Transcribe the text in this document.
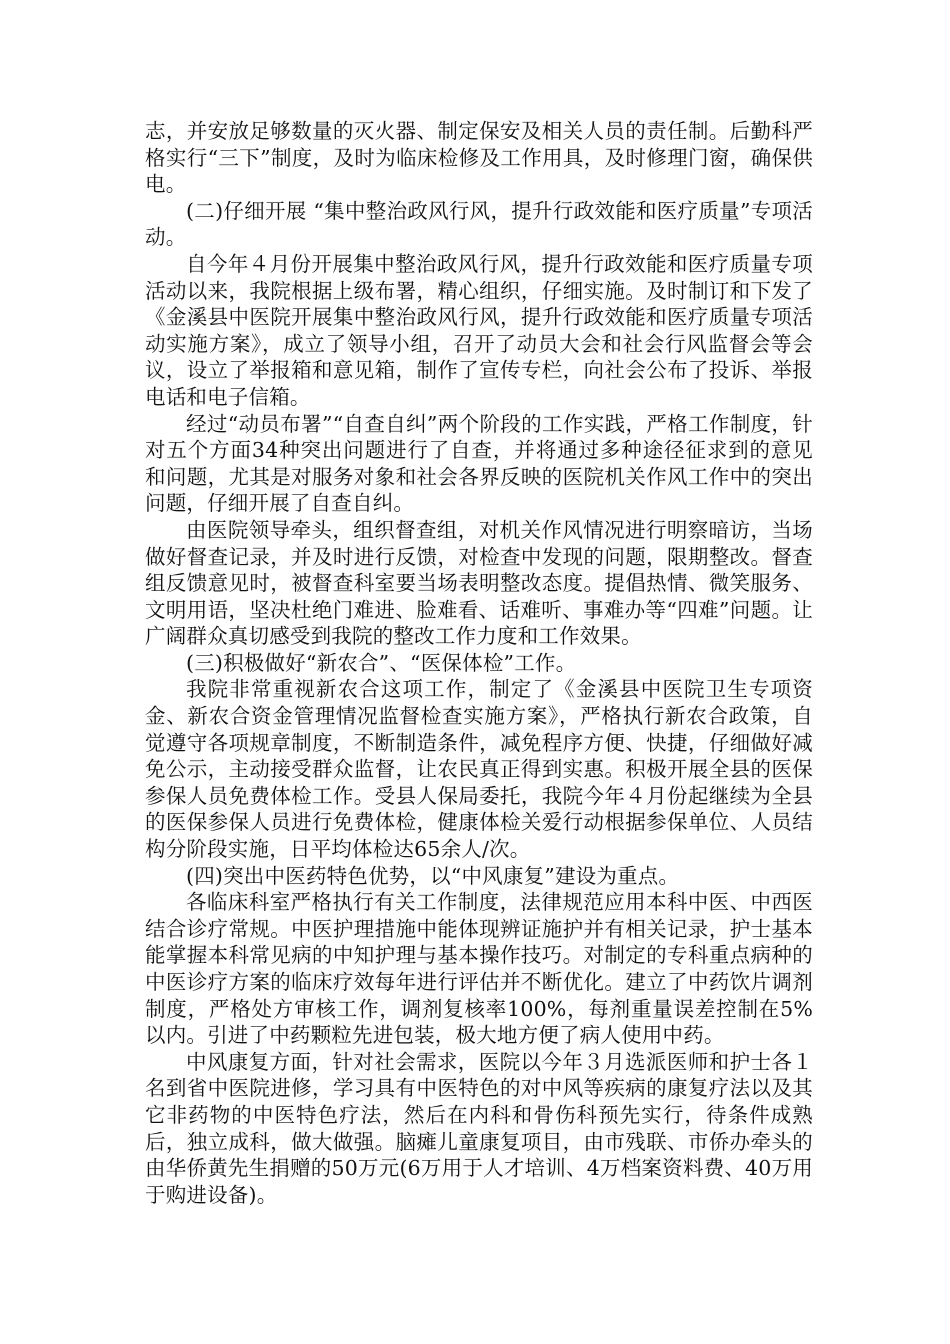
志，并安放足够数量的灭火器、制定保安及相关人员的责任制。后勤科严格实行“三下”制度，及时为临床检修及工作用具，及时修理门窗，确保供电。

(二)仔细开展 “集中整治政风行风，提升行政效能和医疗质量”专项活动。

自今年４月份开展集中整治政风行风，提升行政效能和医疗质量专项活动以来，我院根据上级布署，精心组织，仔细实施。及时制订和下发了《金溪县中医院开展集中整治政风行风，提升行政效能和医疗质量专项活动实施方案》，成立了领导小组，召开了动员大会和社会行风监督会等会议，设立了举报箱和意见箱，制作了宣传专栏，向社会公布了投诉、举报电话和电子信箱。

经过“动员布署”“自查自纠”两个阶段的工作实践，严格工作制度，针对五个方面34种突出问题进行了自查，并将通过多种途径征求到的意见和问题，尤其是对服务对象和社会各界反映的医院机关作风工作中的突出问题，仔细开展了自查自纠。

由医院领导牵头，组织督查组，对机关作风情况进行明察暗访，当场做好督查记录，并及时进行反馈，对检查中发现的问题，限期整改。督查组反馈意见时，被督查科室要当场表明整改态度。提倡热情、微笑服务、文明用语，坚决杜绝门难进、脸难看、话难听、事难办等“四难”问题。让广阔群众真切感受到我院的整改工作力度和工作效果。

(三)积极做好“新农合”、“医保体检”工作。

我院非常重视新农合这项工作，制定了《金溪县中医院卫生专项资金、新农合资金管理情况监督检查实施方案》，严格执行新农合政策，自觉遵守各项规章制度，不断制造条件，减免程序方便、快捷，仔细做好减免公示，主动接受群众监督，让农民真正得到实惠。积极开展全县的医保参保人员免费体检工作。受县人保局委托，我院今年４月份起继续为全县的医保参保人员进行免费体检，健康体检关爱行动根据参保单位、人员结构分阶段实施，日平均体检达65余人/次。

(四)突出中医药特色优势，以“中风康复”建设为重点。

各临床科室严格执行有关工作制度，法律规范应用本科中医、中西医结合诊疗常规。中医护理措施中能体现辨证施护并有相关记录，护士基本能掌握本科常见病的中知护理与基本操作技巧。对制定的专科重点病种的中医诊疗方案的临床疗效每年进行评估并不断优化。建立了中药饮片调剂制度，严格处方审核工作，调剂复核率100%，每剂重量误差控制在5%以内。引进了中药颗粒先进包装，极大地方便了病人使用中药。

中风康复方面，针对社会需求，医院以今年３月选派医师和护士各１名到省中医院进修，学习具有中医特色的对中风等疾病的康复疗法以及其它非药物的中医特色疗法，然后在内科和骨伤科预先实行，待条件成熟后，独立成科，做大做强。脑瘫儿童康复项目，由市残联、市侨办牵头的由华侨黄先生捐赠的50万元(6万用于人才培训、4万档案资料费、40万用于购进设备)。
